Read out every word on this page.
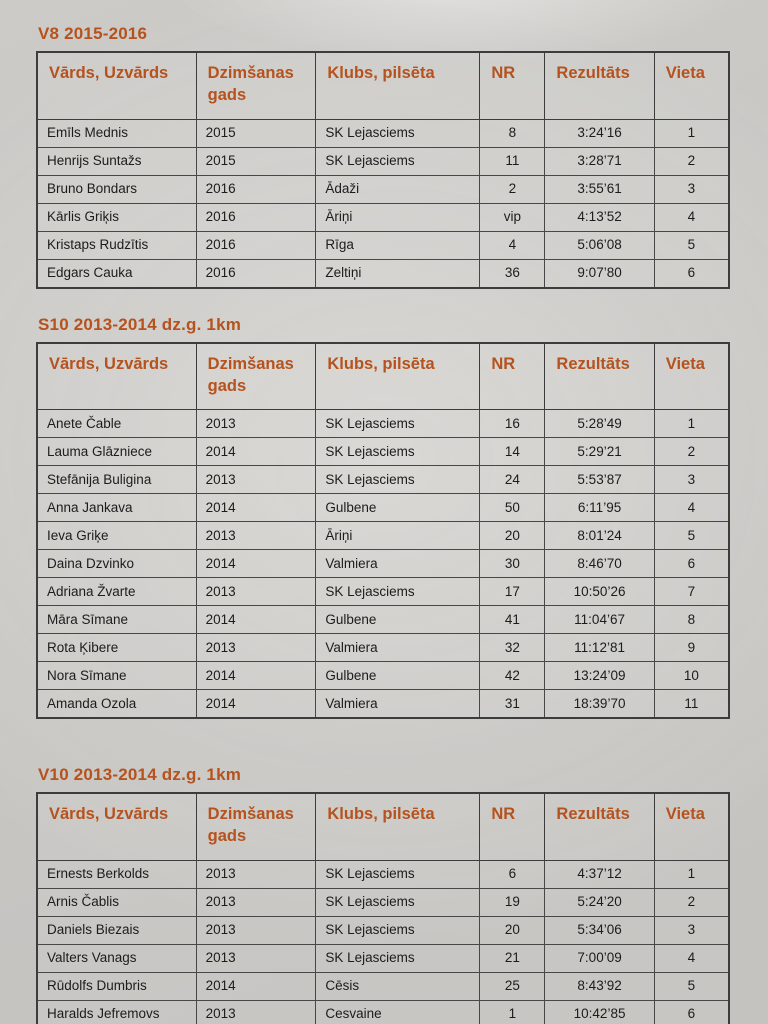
V8 2015-2016
Vārds, Uzvārds	Dzimšanas gads	Klubs, pilsēta	NR	Rezultāts	Vieta
Emīls Mednis	2015	SK Lejasciems	8	3:24’16	1
Henrijs Suntažs	2015	SK Lejasciems	11	3:28’71	2
Bruno Bondars	2016	Ādaži	2	3:55’61	3
Kārlis Griķis	2016	Āriņi	vip	4:13’52	4
Kristaps Rudzītis	2016	Rīga	4	5:06’08	5
Edgars Cauka	2016	Zeltiņi	36	9:07’80	6
S10 2013-2014 dz.g. 1km
Vārds, Uzvārds	Dzimšanas gads	Klubs, pilsēta	NR	Rezultāts	Vieta
Anete Čable	2013	SK Lejasciems	16	5:28’49	1
Lauma Glāzniece	2014	SK Lejasciems	14	5:29’21	2
Stefānija Buligina	2013	SK Lejasciems	24	5:53’87	3
Anna Jankava	2014	Gulbene	50	6:11’95	4
Ieva Griķe	2013	Āriņi	20	8:01’24	5
Daina Dzvinko	2014	Valmiera	30	8:46’70	6
Adriana Žvarte	2013	SK Lejasciems	17	10:50’26	7
Māra Sīmane	2014	Gulbene	41	11:04’67	8
Rota Ķibere	2013	Valmiera	32	11:12’81	9
Nora Sīmane	2014	Gulbene	42	13:24’09	10
Amanda Ozola	2014	Valmiera	31	18:39’70	11
V10 2013-2014 dz.g. 1km
Vārds, Uzvārds	Dzimšanas gads	Klubs, pilsēta	NR	Rezultāts	Vieta
Ernests Berkolds	2013	SK Lejasciems	6	4:37’12	1
Arnis Čablis	2013	SK Lejasciems	19	5:24’20	2
Daniels Biezais	2013	SK Lejasciems	20	5:34’06	3
Valters Vanags	2013	SK Lejasciems	21	7:00’09	4
Rūdolfs Dumbris	2014	Cēsis	25	8:43’92	5
Haralds Jefremovs	2013	Cesvaine	1	10:42’85	6
